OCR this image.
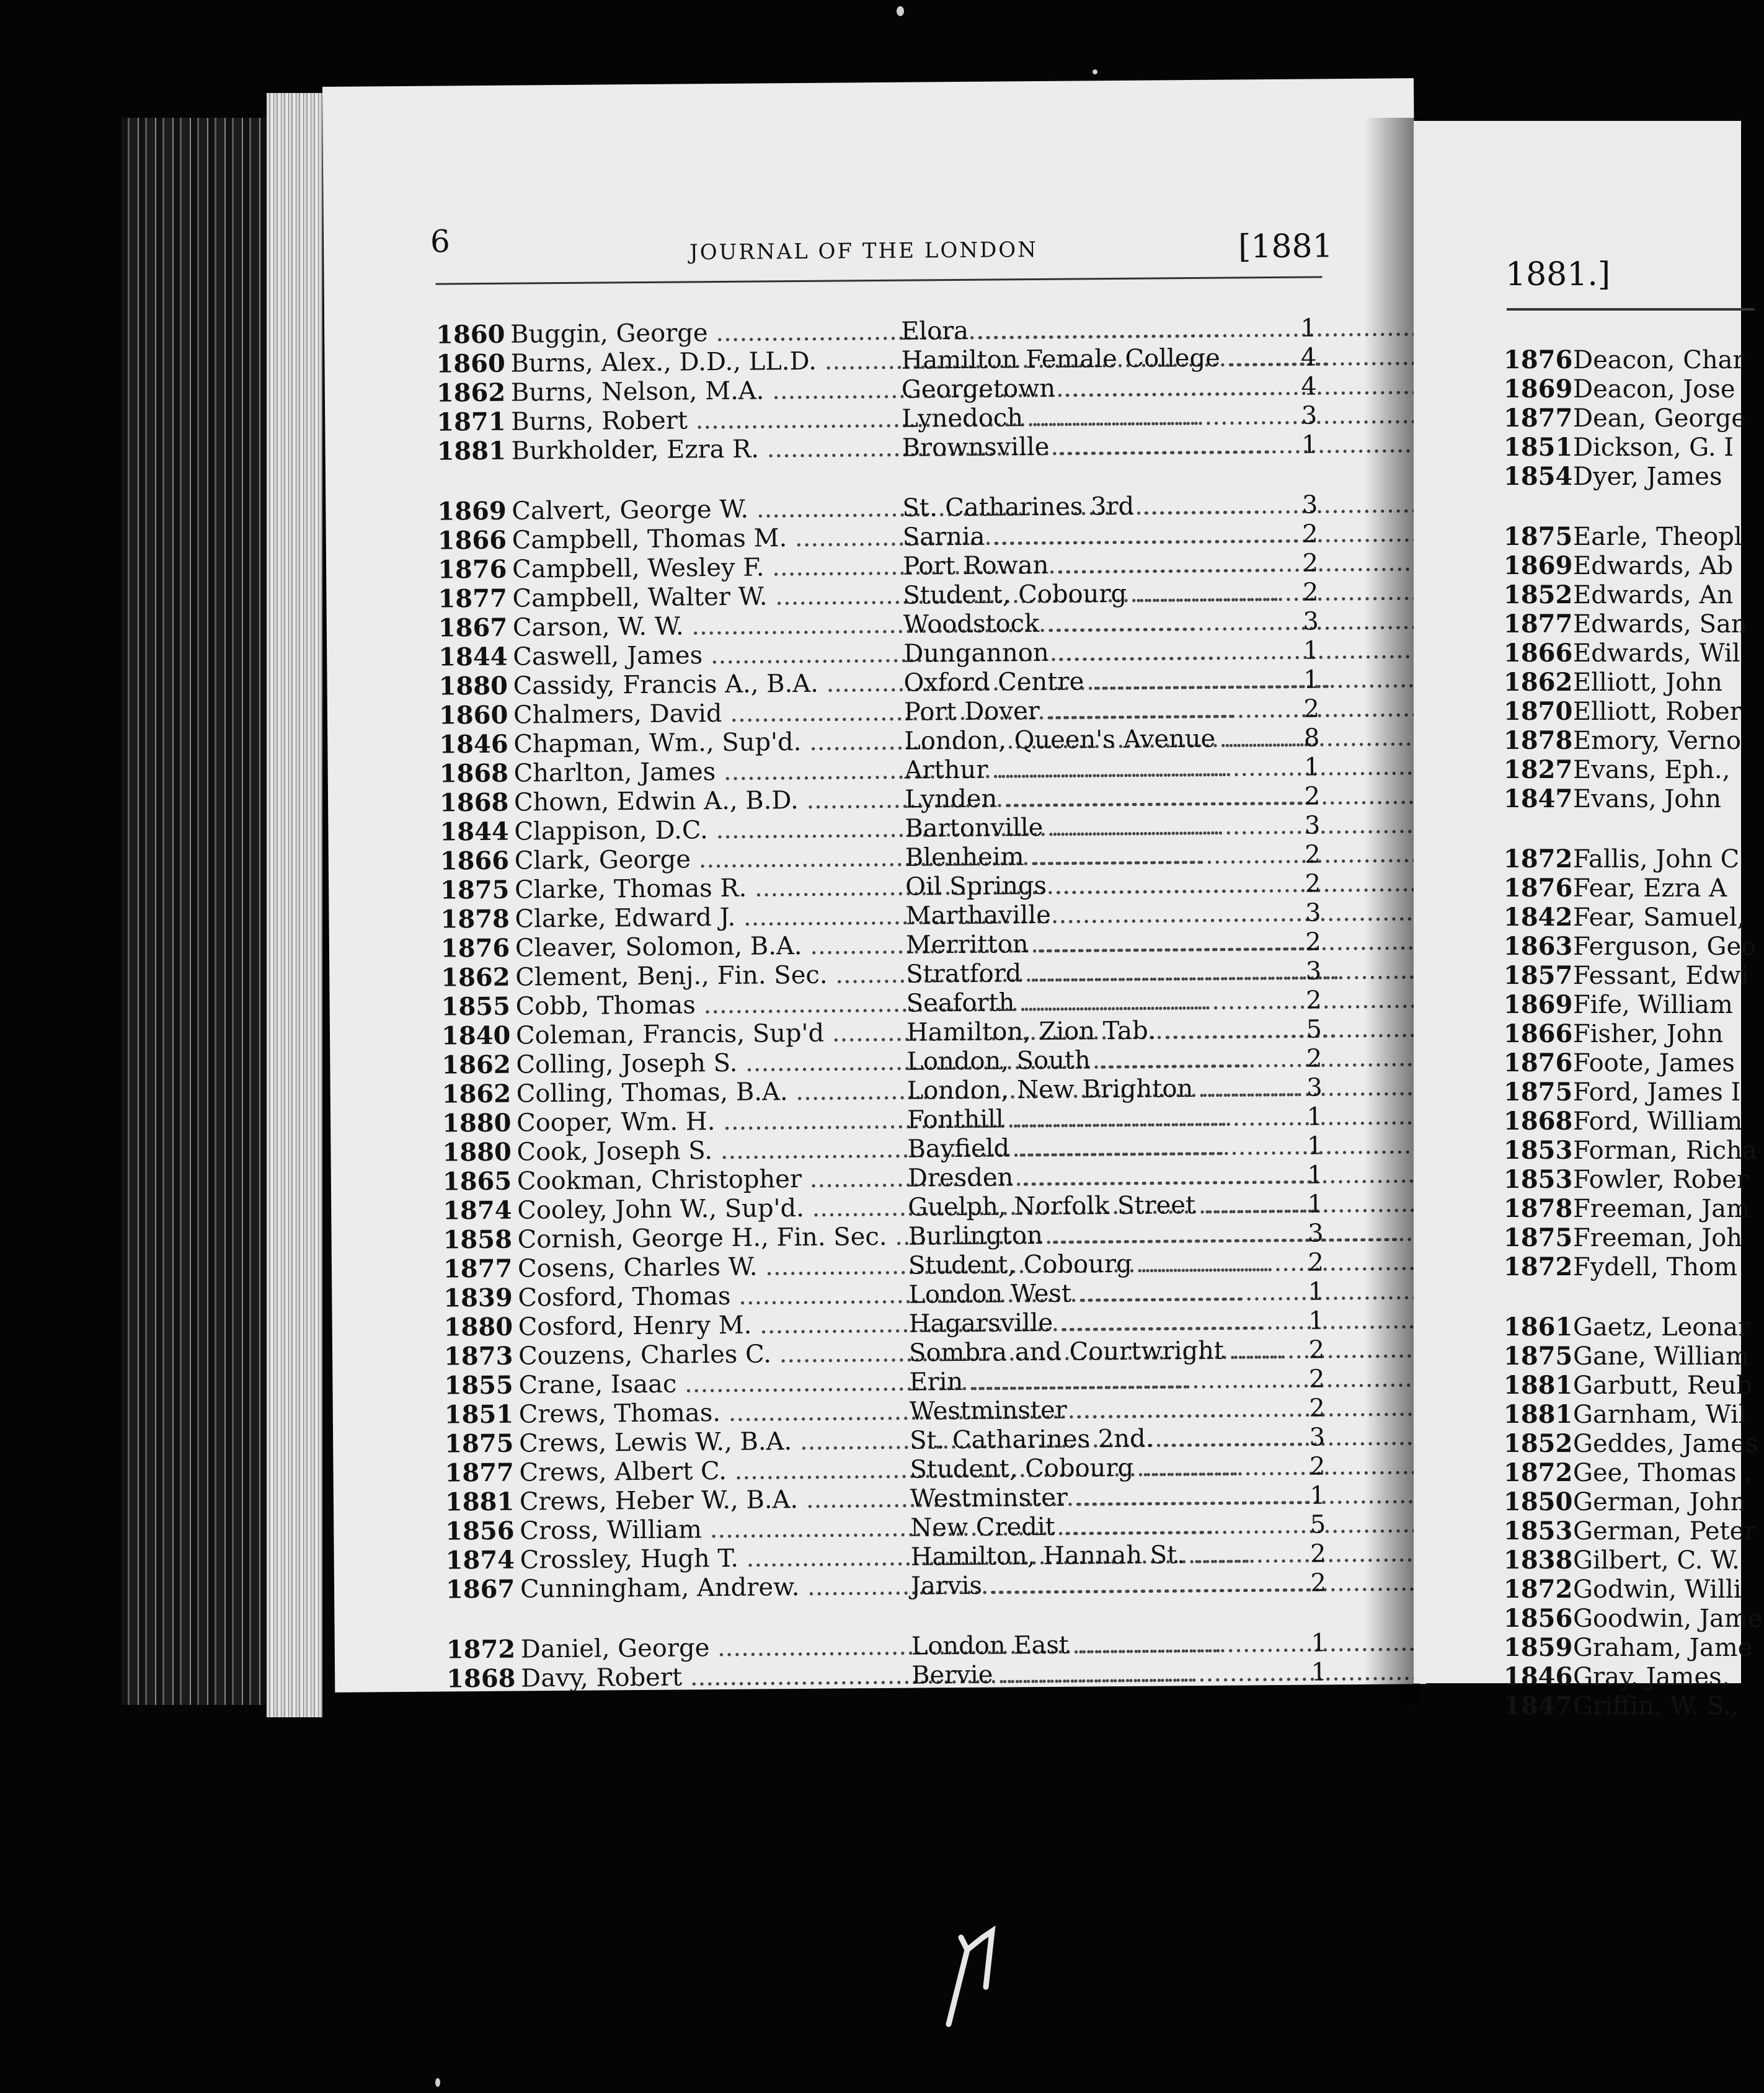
6	JOURNAL OF THE LONDON	[1881
1860 Buggin, George .....	Elora .....	1
1860 Burns, Alex., D.D., LL.D. .....	Hamilton Female College .....	4
1862 Burns, Nelson, M.A. .....	Georgetown .....	4
1871 Burns, Robert .....	Lynedoch .....	3
1881 Burkholder, Ezra R. .....	Brownsville .....	1
1869 Calvert, George W. .....	St. Catharines 3rd .....	3
1866 Campbell, Thomas M. .....	Sarnia .....	2
1876 Campbell, Wesley F. .....	Port Rowan .....	2
1877 Campbell, Walter W. .....	Student, Cobourg .....	2
1867 Carson, W. W. .....	Woodstock .....	3
1844 Caswell, James .....	Dungannon .....	1
1880 Cassidy, Francis A., B.A. .....	Oxford Centre .....	1
1860 Chalmers, David .....	Port Dover .....	2
1846 Chapman, Wm., Sup'd. .....	London, Queen's Avenue .....	8
1868 Charlton, James .....	Arthur .....	1
1868 Chown, Edwin A., B.D. .....	Lynden .....	2
1844 Clappison, D.C. .....	Bartonville .....	3
1866 Clark, George .....	Blenheim .....	2
1875 Clarke, Thomas R. .....	Oil Springs .....	2
1878 Clarke, Edward J. .....	Marthaville .....	3
1876 Cleaver, Solomon, B.A. .....	Merritton .....	2
1862 Clement, Benj., Fin. Sec. .....	Stratford .....	3
1855 Cobb, Thomas .....	Seaforth .....	2
1840 Coleman, Francis, Sup'd .....	Hamilton, Zion Tab. .....	5
1862 Colling, Joseph S. .....	London, South .....	2
1862 Colling, Thomas, B.A. .....	London, New Brighton .....	3
1880 Cooper, Wm. H. .....	Fonthill .....	1
1880 Cook, Joseph S. .....	Bayfield .....	1
1865 Cookman, Christopher .....	Dresden .....	1
1874 Cooley, John W., Sup'd. .....	Guelph, Norfolk Street .....	1
1858 Cornish, George H., Fin. Sec. ..... Burlington .....	3
1877 Cosens, Charles W. .....	Student, Cobourg .....	2
1839 Cosford, Thomas .....	London West .....	1
1880 Cosford, Henry M. .....	Hagarsville .....	1
1873 Couzens, Charles C. .....	Sombra and Courtwright .....	2
1855 Crane, Isaac .....	Erin .....	2
1851 Crews, Thomas. .....	Westminster .....	2
1875 Crews, Lewis W., B.A. .....	St. Catharines 2nd. .....	3
1877 Crews, Albert C. .....	Student, Cobourg .....	2
1881 Crews, Heber W., B.A. .....	Westminster .....	1
1856 Cross, William .....	New Credit .....	5
1874 Crossley, Hugh T. .....	Hamilton, Hannah St. .....	2
1867 Cunningham, Andrew. .....	Jarvis .....	2
1872 Daniel, George .....	London East .....	1
1868 Davy, Robert .....	Bervie .....	1
1881.]
1876Deacon, Char
1869Deacon, Jose
1877Dean, George
1851Dickson, G. I
1854Dyer, James
1875Earle, Theopl
1869Edwards, Ab
1852Edwards, An
1877Edwards, San
1866Edwards, Wil
1862Elliott, John
1870Elliott, Rober
1878Emory, Verno
1827Evans, Eph.,
1847Evans, John
1872Fallis, John C
1876Fear, Ezra A
1842Fear, Samuel,
1863Ferguson, Geo
1857Fessant, Edwi
1869Fife, William
1866Fisher, John
1876Foote, James
1875Ford, James I
1868Ford, William
1853Forman, Richa
1853Fowler, Rober
1878Freeman, Jam
1875Freeman, Joh
1872Fydell, Thom
1861Gaetz, Leonar
1875Gane, William
1881Garbutt, Reub
1881Garnham, Wil
1852Geddes, James
1872Gee, Thomas .
1850German, John
1853German, Peter
1838Gilbert, C. W.
1872Godwin, Willi
1856Goodwin, Jame
1859Graham, Jame
1846Gray, James,
1847Griffin, W. S.,
